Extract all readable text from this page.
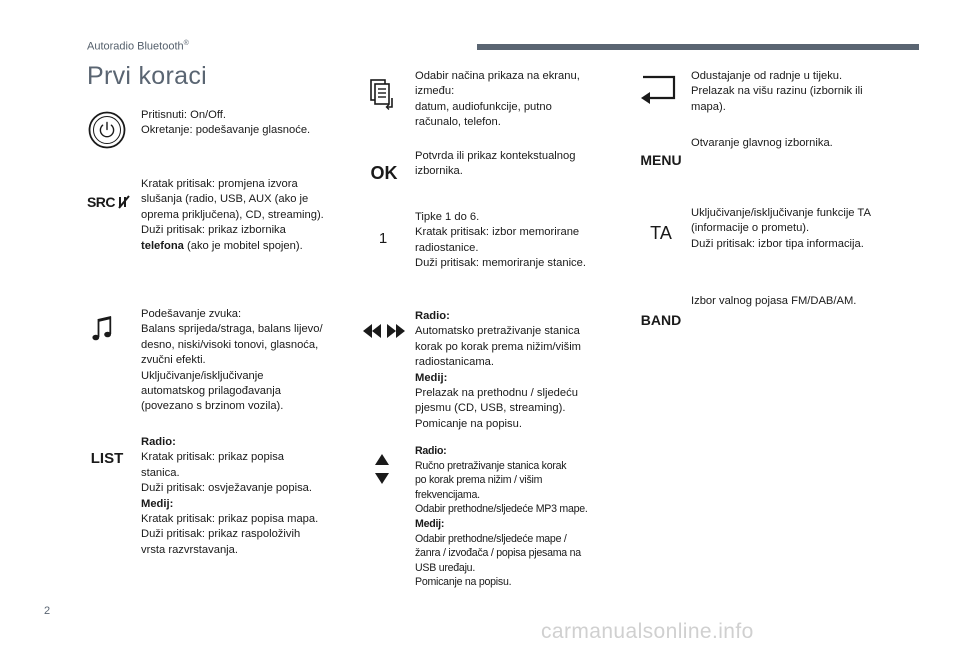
Autoradio Bluetooth®
Prvi koraci
Pritisnuti: On/Off.
Okretanje: podešavanje glasnoće.
SRC
Kratak pritisak: promjena izvora
slušanja (radio, USB, AUX (ako je
oprema priključena), CD, streaming).
Duži pritisak: prikaz izbornika
telefona (ako je mobitel spojen).
Podešavanje zvuka:
Balans sprijeda/straga, balans lijevo/
desno, niski/visoki tonovi, glasnoća,
zvučni efekti.
Uključivanje/isključivanje
automatskog prilagođavanja
(povezano s brzinom vozila).
LIST
Radio:
Kratak pritisak: prikaz popisa
stanica.
Duži pritisak: osvježavanje popisa.
Medij:
Kratak pritisak: prikaz popisa mapa.
Duži pritisak: prikaz raspoloživih
vrsta razvrstavanja.
Odabir načina prikaza na ekranu,
između:
datum, audiofunkcije, putno
računalo, telefon.
OK
Potvrda ili prikaz kontekstualnog
izbornika.
1
Tipke 1 do 6.
Kratak pritisak: izbor memorirane
radiostanice.
Duži pritisak: memoriranje stanice.
Radio:
Automatsko pretraživanje stanica
korak po korak prema nižim/višim
radiostanicama.
Medij:
Prelazak na prethodnu / sljedeću
pjesmu (CD, USB, streaming).
Pomicanje na popisu.
Radio:
Ručno pretraživanje stanica korak
po korak prema nižim / višim
frekvencijama.
Odabir prethodne/sljedeće MP3 mape.
Medij:
Odabir prethodne/sljedeće mape /
žanra / izvođača / popisa pjesama na
USB uređaju.
Pomicanje na popisu.
Odustajanje od radnje u tijeku.
Prelazak na višu razinu (izbornik ili
mapa).
MENU
Otvaranje glavnog izbornika.
TA
Uključivanje/isključivanje funkcije TA
(informacije o prometu).
Duži pritisak: izbor tipa informacija.
BAND
Izbor valnog pojasa FM/DAB/AM.
2
carmanualsonline.info
